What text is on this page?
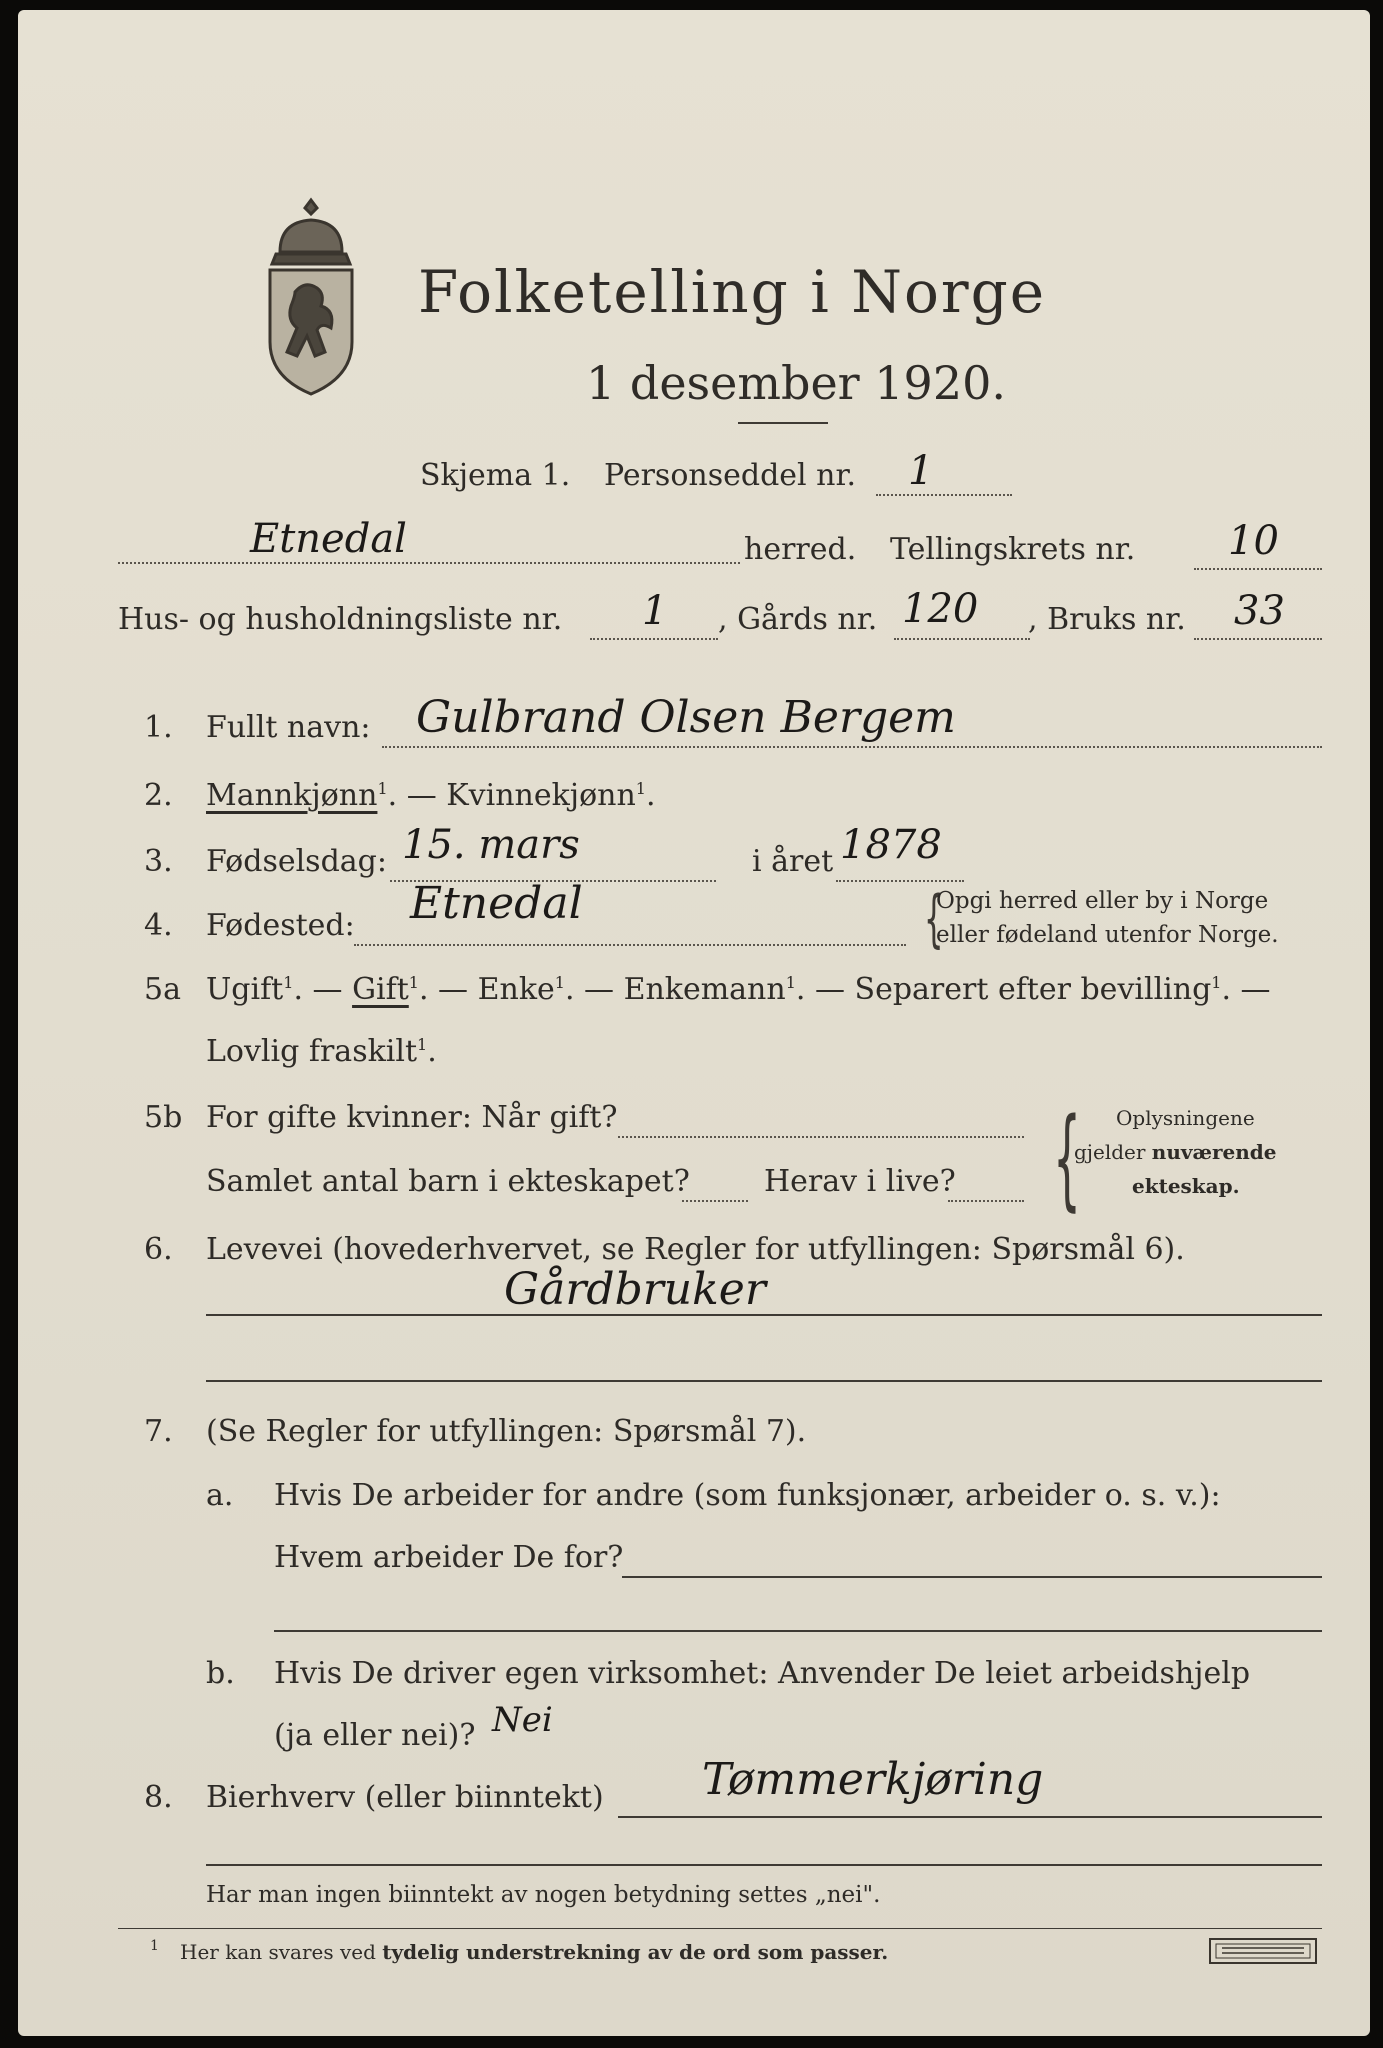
Folketelling i Norge
1 desember 1920.
Skjema 1. Personseddel nr. 1
Etnedal	herred. Tellingskrets nr. 10
Hus- og husholdningsliste nr. 1 , Gårds nr. 120 , Bruks nr. 33
1. Fullt navn: Gulbrand Olsen Bergem
2. Mannkjønn$^1$. — Kvinnekjønn$^1$.
3. Fødselsdag: 15. mars	i året 1878
4. Fødested: Etnedal	{
Opgi herred eller by i Norge
eller fødeland utenfor Norge.
5a Ugift$^1$. — Gift$^1$. — Enke$^1$. — Enkemann$^1$. — Separert efter bevilling$^1$. —
Lovlig fraskilt$^1$.
5b For gifte kvinner: Når gift?
Samlet antal barn i ekteskapet? Herav i live? { Oplysningene
gjelder nuværende
ekteskap.
6. Levevei (hovederhvervet, se Regler for utfyllingen: Spørsmål 6).
Gårdbruker
7. (Se Regler for utfyllingen: Spørsmål 7).
a. Hvis De arbeider for andre (som funksjonær, arbeider o. s. v.):
Hvem arbeider De for?
b. Hvis De driver egen virksomhet: Anvender De leiet arbeidshjelp
(ja eller nei)? Nei
8. Bierhverv (eller biinntekt) Tømmerkjøring
Har man ingen biinntekt av nogen betydning settes „nei".
1 Her kan svares ved tydelig understrekning av de ord som passer.
